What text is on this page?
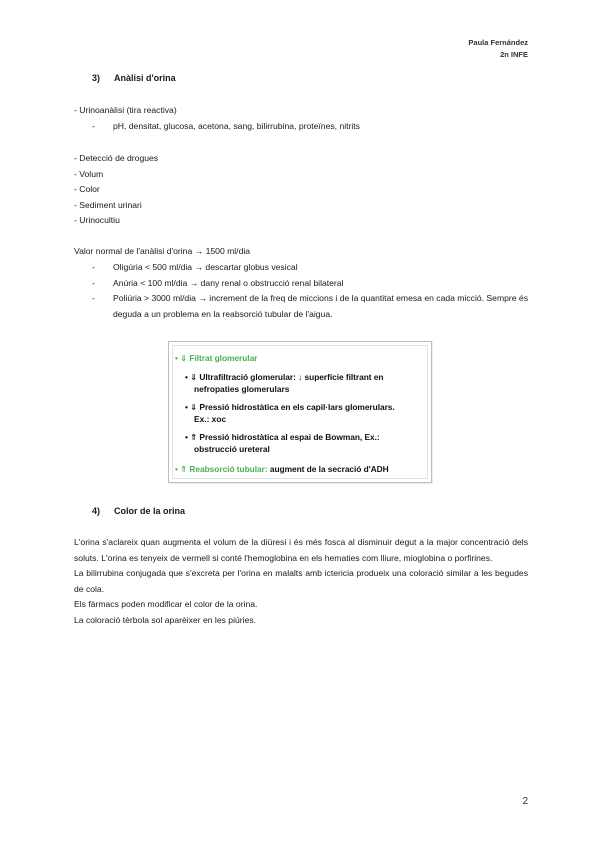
Paula Fernández
2n INFE
3) Anàlisi d'orina
- Urinoanàlisi (tira reactiva)
- pH, densitat, glucosa, acetona, sang, bilirrubina, proteïnes, nitrits
- Detecció de drogues
- Volum
- Color
- Sediment urinari
- Urinocultiu
Valor normal de l'anàlisi d'orina → 1500 ml/dia
- Oligúria < 500 ml/dia → descartar globus vesical
- Anúria < 100 ml/dia → dany renal o obstrucció renal bilateral
-	Poliúria > 3000 ml/dia → increment de la freq de miccions i de la quantitat emesa en cada micció. Sempre és deguda a un problema en la reabsorció tubular de l'aigua.
• ⇓ Filtrat glomerular
• ⇓ Ultrafiltració glomerular: ↓ superfície filtrant en
nefropaties glomerulars
• ⇓ Pressió hidrostàtica en els capil·lars glomerulars.
Ex.: xoc
• ⇑ Pressió hidrostàtica al espai de Bowman, Ex.:
obstrucció ureteral
• ⇑ Reabsorció tubular: augment de la secració d'ADH
4) Color de la orina
L'orina s'aclareix quan augmenta el volum de la diüresi i és més fosca al disminuir degut a la major concentració dels soluts. L'orina es tenyeix de vermell si conté l'hemoglobina en els hematies com lliure, mioglobina o porfirines.
La bilirrubina conjugada que s'excreta per l'orina en malalts amb ictericia produeix una coloració similar a les begudes de cola.
Els fàrmacs poden modificar el color de la orina.
La coloració tèrbola sol aparèixer en les piúries.
2
